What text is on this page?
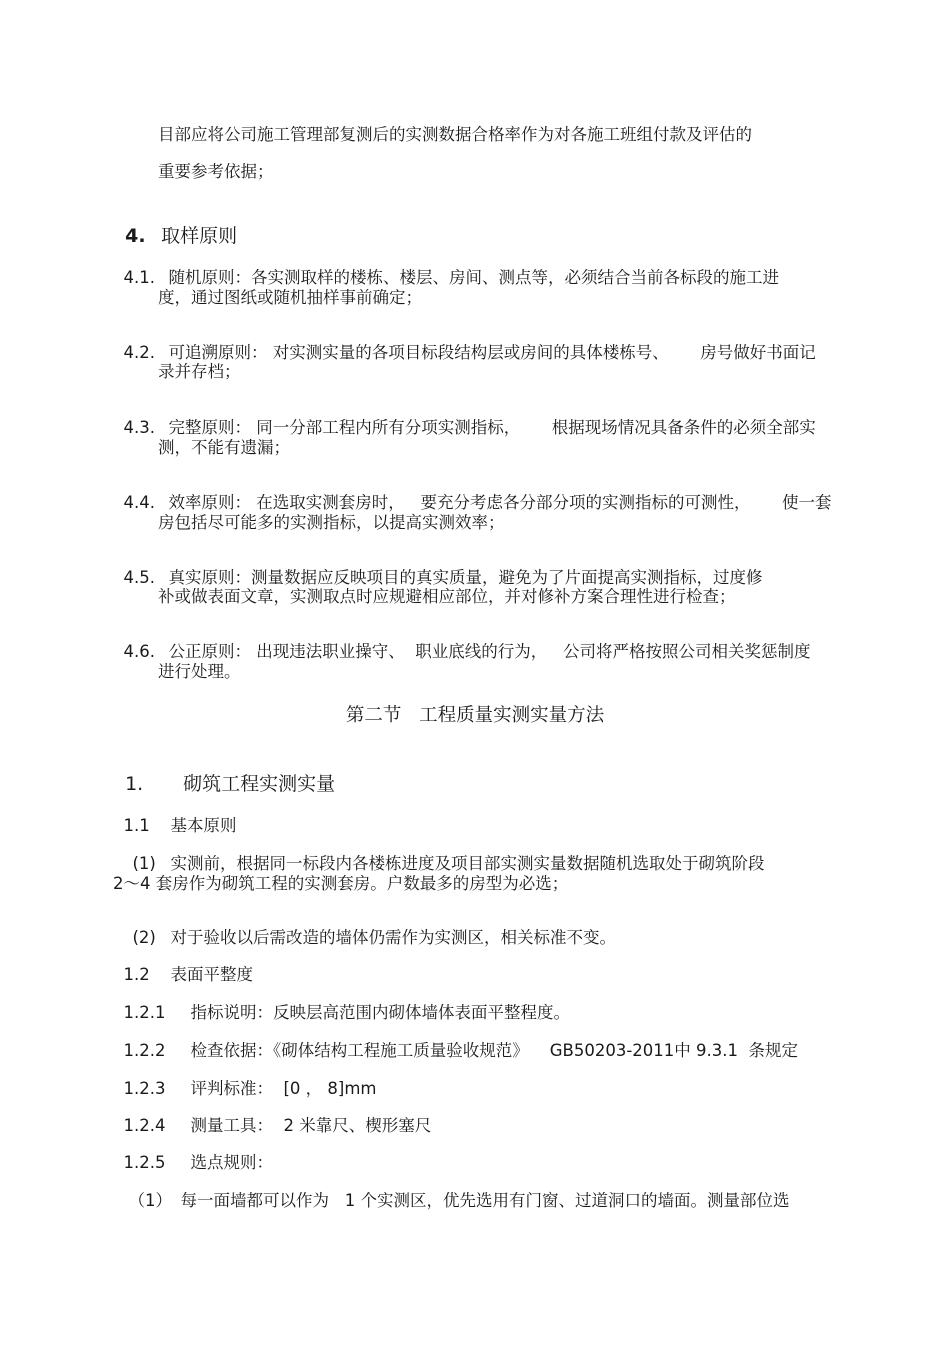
目部应将公司施工管理部复测后的实测数据合格率作为对各施工班组付款及评估的
重要参考依据；

4. 取样原则

4.1. 随机原则：各实测取样的楼栋、楼层、房间、测点等，必须结合当前各标段的施工进

度，通过图纸或随机抽样事前确定；

4.2. 可追溯原则： 对实测实量的各项目标段结构层或房间的具体楼栋号、      房号做好书面记

录并存档；

4.3. 完整原则： 同一分部工程内所有分项实测指标，      根据现场情况具备条件的必须全部实

测，不能有遗漏；

4.4. 效率原则： 在选取实测套房时，   要充分考虑各分部分项的实测指标的可测性，      使一套

房包括尽可能多的实测指标，以提高实测效率；

4.5. 真实原则：测量数据应反映项目的真实质量，避免为了片面提高实测指标，过度修

补或做表面文章，实测取点时应规避相应部位，并对修补方案合理性进行检查；

4.6. 公正原则： 出现违法职业操守、  职业底线的行为，   公司将严格按照公司相关奖惩制度

进行处理。
第二节   工程质量实测实量方法

1. 砌筑工程实测实量

1.1 基本原则

(1) 实测前，根据同一标段内各楼栋进度及项目部实测实量数据随机选取处于砌筑阶段

2～4 套房作为砌筑工程的实测套房。户数最多的房型为必选；

(2) 对于验收以后需改造的墙体仍需作为实测区，相关标准不变。

1.2 表面平整度

1.2.1 指标说明：反映层高范围内砌体墙体表面平整程度。

1.2.2 检查依据：《砌体结构工程施工质量验收规范》    GB50203-2011中 9.3.1  条规定

1.2.3 评判标准：  [0 ， 8]mm

1.2.4 测量工具：  2 米靠尺、楔形塞尺

1.2.5 选点规则：

（1） 每一面墙都可以作为   1 个实测区，优先选用有门窗、过道洞口的墙面。测量部位选
